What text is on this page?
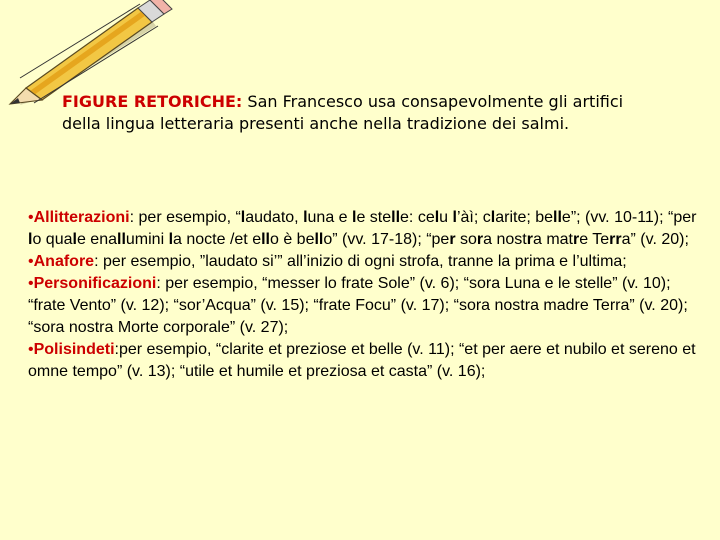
FIGURE RETORICHE: San Francesco usa consapevolmente gli artifici della lingua letteraria presenti anche nella tradizione dei salmi.

•Allitterazioni: per esempio, “laudato, luna e le stelle: celu l’àì; clarite; belle”; (vv. 10-11); “per lo quale enallumini la nocte /et ello è bello” (vv. 17-18); “per sora nostra matre Terra” (v. 20);

•Anafore: per esempio, ”laudato si’” all’inizio di ogni strofa, tranne la prima e l’ultima;

•Personificazioni: per esempio, “messer lo frate Sole” (v. 6); “sora Luna e le stelle” (v. 10); “frate Vento” (v. 12); “sor’Acqua” (v. 15); “frate Focu” (v. 17); “sora nostra madre Terra” (v. 20); “sora nostra Morte corporale” (v. 27);

•Polisindeti:per esempio, “clarite et preziose et belle (v. 11); “et per aere et nubilo et sereno et omne tempo” (v. 13); “utile et humile et preziosa et casta” (v. 16);
